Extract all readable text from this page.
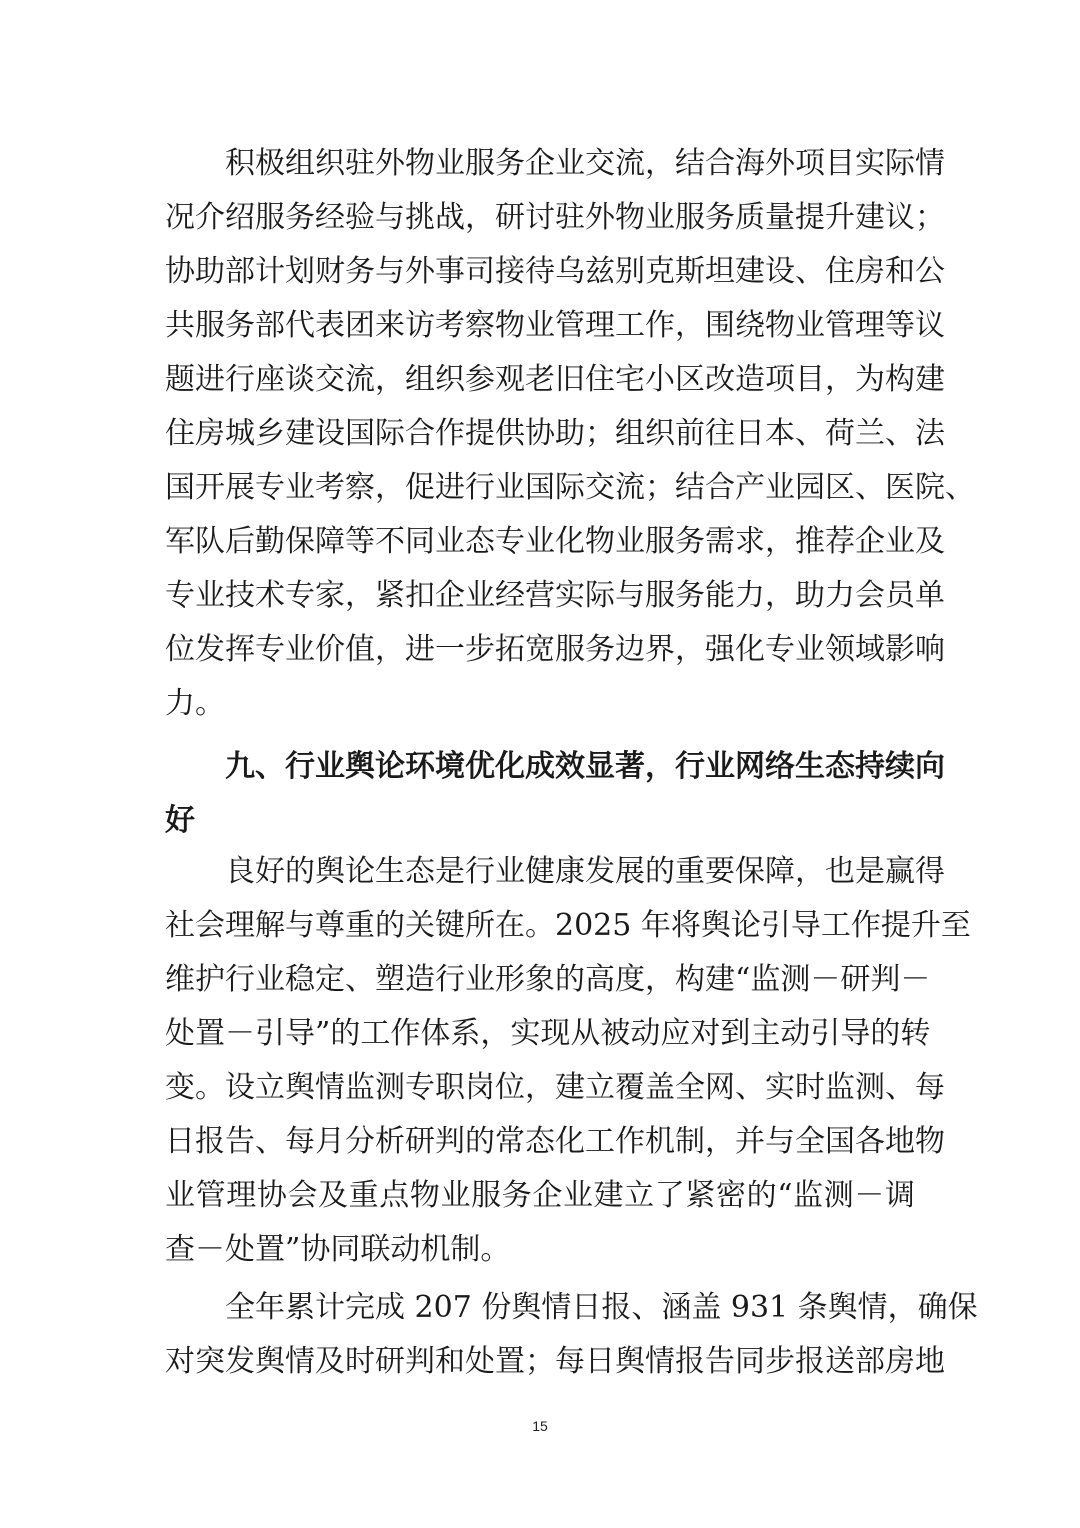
积极组织驻外物业服务企业交流，结合海外项目实际情
况介绍服务经验与挑战，研讨驻外物业服务质量提升建议；
协助部计划财务与外事司接待乌兹别克斯坦建设、住房和公
共服务部代表团来访考察物业管理工作，围绕物业管理等议
题进行座谈交流，组织参观老旧住宅小区改造项目，为构建
住房城乡建设国际合作提供协助；组织前往日本、荷兰、法
国开展专业考察，促进行业国际交流；结合产业园区、医院、
军队后勤保障等不同业态专业化物业服务需求，推荐企业及
专业技术专家，紧扣企业经营实际与服务能力，助力会员单
位发挥专业价值，进一步拓宽服务边界，强化专业领域影响
力。
九、行业舆论环境优化成效显著，行业网络生态持续向
好
良好的舆论生态是行业健康发展的重要保障，也是赢得
社会理解与尊重的关键所在。2025 年将舆论引导工作提升至
维护行业稳定、塑造行业形象的高度，构建“监测－研判－
处置－引导”的工作体系，实现从被动应对到主动引导的转
变。设立舆情监测专职岗位，建立覆盖全网、实时监测、每
日报告、每月分析研判的常态化工作机制，并与全国各地物
业管理协会及重点物业服务企业建立了紧密的“监测－调
查－处置”协同联动机制。
全年累计完成 207 份舆情日报、涵盖 931 条舆情，确保
对突发舆情及时研判和处置；每日舆情报告同步报送部房地
15
